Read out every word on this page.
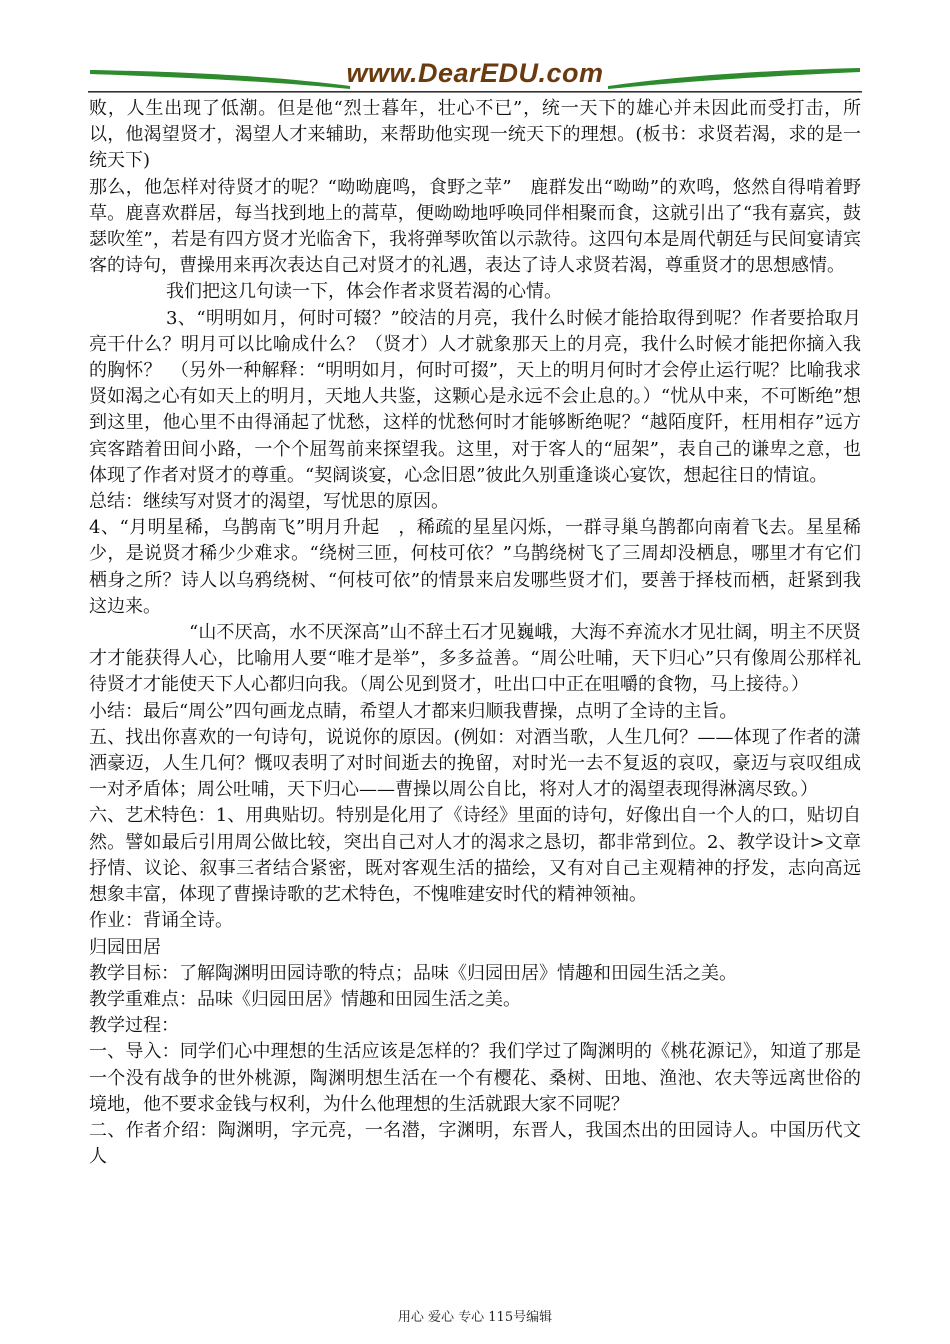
www.DearEDU.com

败，人生出现了低潮。但是他“烈士暮年，壮心不已”，统一天下的雄心并未因此而受打击，所以，他渴望贤才，渴望人才来辅助，来帮助他实现一统天下的理想。(板书：求贤若渴，求的是一统天下)

那么，他怎样对待贤才的呢？“呦呦鹿鸣，食野之苹”　鹿群发出“呦呦”的欢鸣，悠然自得啃着野草。鹿喜欢群居，每当找到地上的蒿草，便呦呦地呼唤同伴相聚而食，这就引出了“我有嘉宾，鼓瑟吹笙”，若是有四方贤才光临舍下，我将弹琴吹笛以示款待。这四句本是周代朝廷与民间宴请宾客的诗句，曹操用来再次表达自己对贤才的礼遇，表达了诗人求贤若渴，尊重贤才的思想感情。

我们把这几句读一下，体会作者求贤若渴的心情。

3、“明明如月，何时可辍？”皎洁的月亮，我什么时候才能拾取得到呢？作者要拾取月亮干什么？明月可以比喻成什么？（贤才）人才就象那天上的月亮，我什么时候才能把你摘入我的胸怀？　（另外一种解释：“明明如月，何时可掇”，天上的明月何时才会停止运行呢？比喻我求贤如渴之心有如天上的明月，天地人共鉴，这颗心是永远不会止息的。）“忧从中来，不可断绝”想到这里，他心里不由得涌起了忧愁，这样的忧愁何时才能够断绝呢？“越陌度阡，枉用相存”远方宾客踏着田间小路，一个个屈驾前来探望我。这里，对于客人的“屈架”，表自己的谦卑之意，也体现了作者对贤才的尊重。“契阔谈宴，心念旧恩”彼此久别重逢谈心宴饮，想起往日的情谊。

总结：继续写对贤才的渴望，写忧思的原因。

4、“月明星稀，乌鹊南飞”明月升起　，稀疏的星星闪烁，一群寻巢乌鹊都向南着飞去。星星稀少，是说贤才稀少少难求。“绕树三匝，何枝可依？”乌鹊绕树飞了三周却没栖息，哪里才有它们栖身之所？诗人以乌鸦绕树、“何枝可依”的情景来启发哪些贤才们，要善于择枝而栖，赶紧到我这边来。

“山不厌高，水不厌深高”山不辞土石才见巍峨，大海不弃流水才见壮阔，明主不厌贤才才能获得人心，比喻用人要“唯才是举”，多多益善。“周公吐哺，天下归心”只有像周公那样礼待贤才才能使天下人心都归向我。（周公见到贤才，吐出口中正在咀嚼的食物，马上接待。）

小结：最后“周公”四句画龙点睛，希望人才都来归顺我曹操，点明了全诗的主旨。

五、找出你喜欢的一句诗句，说说你的原因。(例如：对酒当歌，人生几何？——体现了作者的潇洒豪迈，人生几何？慨叹表明了对时间逝去的挽留，对时光一去不复返的哀叹，豪迈与哀叹组成一对矛盾体；周公吐哺，天下归心——曹操以周公自比，将对人才的渴望表现得淋漓尽致。）

六、艺术特色：1、用典贴切。特别是化用了《诗经》里面的诗句，好像出自一个人的口，贴切自然。譬如最后引用周公做比较，突出自己对人才的渴求之恳切，都非常到位。2、教学设计>文章抒情、议论、叙事三者结合紧密，既对客观生活的描绘，又有对自己主观精神的抒发，志向高远想象丰富，体现了曹操诗歌的艺术特色，不愧唯建安时代的精神领袖。

作业：背诵全诗。

归园田居

教学目标：了解陶渊明田园诗歌的特点；品味《归园田居》情趣和田园生活之美。

教学重难点：品味《归园田居》情趣和田园生活之美。

教学过程：

一、导入：同学们心中理想的生活应该是怎样的？我们学过了陶渊明的《桃花源记》，知道了那是一个没有战争的世外桃源，陶渊明想生活在一个有樱花、桑树、田地、渔池、农夫等远离世俗的境地，他不要求金钱与权利，为什么他理想的生活就跟大家不同呢？

二、作者介绍：陶渊明，字元亮，一名潜，字渊明，东晋人，我国杰出的田园诗人。中国历代文人

用心 爱心 专心 115号编辑
